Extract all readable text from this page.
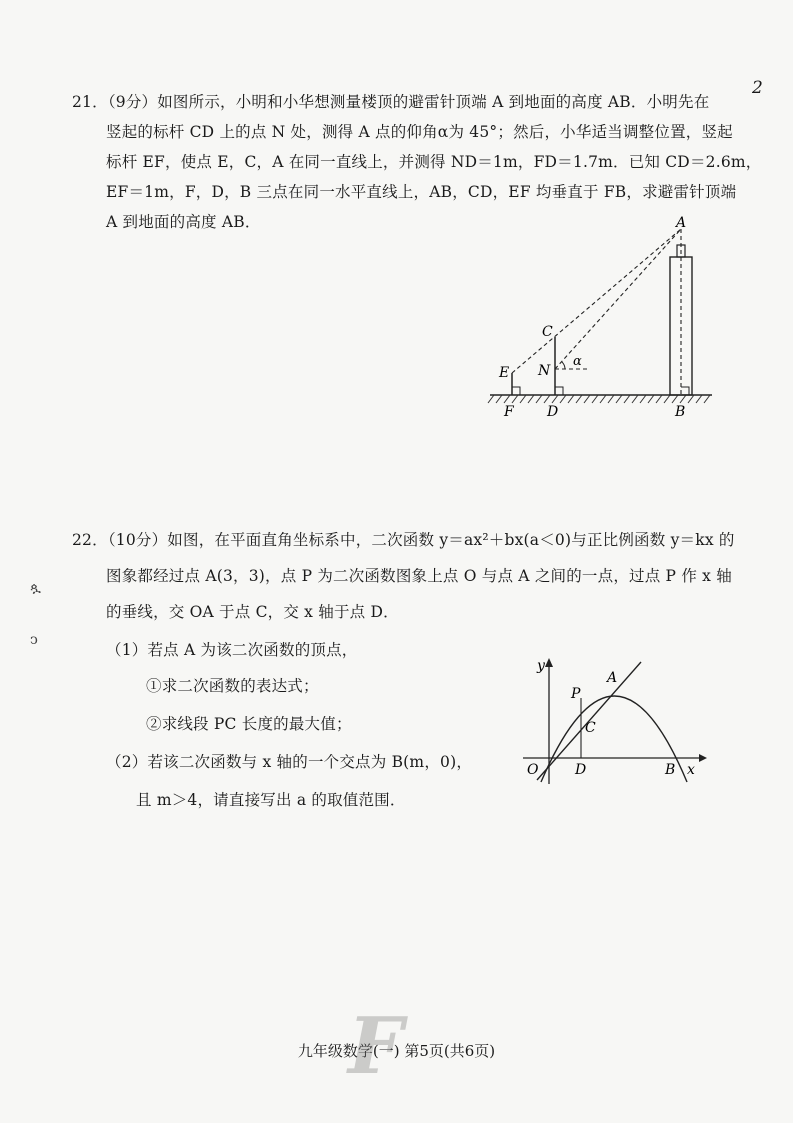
2
21．（9分）如图所示，小明和小华想测量楼顶的避雷针顶端 A 到地面的高度 AB．小明先在
竖起的标杆 CD 上的点 N 处，测得 A 点的仰角α为 45°；然后，小华适当调整位置，竖起
标杆 EF，使点 E，C，A 在同一直线上，并测得 ND＝1m，FD＝1.7m．已知 CD＝2.6m，
EF＝1m，F，D，B 三点在同一水平直线上，AB，CD，EF 均垂直于 FB，求避雷针顶端
A 到地面的高度 AB．	A
C
N
E
F D	B
α
22．（10分）如图，在平面直角坐标系中，二次函数 y＝ax²＋bx(a＜0)与正比例函数 y＝kx 的
图象都经过点 A(3，3)，点 P 为二次函数图象上点 O 与点 A 之间的一点，过点 P 作 x 轴
的垂线，交 OA 于点 C，交 x 轴于点 D．
（1）若点 A 为该二次函数的顶点，
①求二次函数的表达式；
②求线段 PC 长度的最大值；
（2）若该二次函数与 x 轴的一个交点为 B(m，0)，
且 m＞4，请直接写出 a 的取值范围．
y
x
O
A
P
C
D	B
ጷ
ↄ
九年级数学(一) 第5页(共6页)
F
